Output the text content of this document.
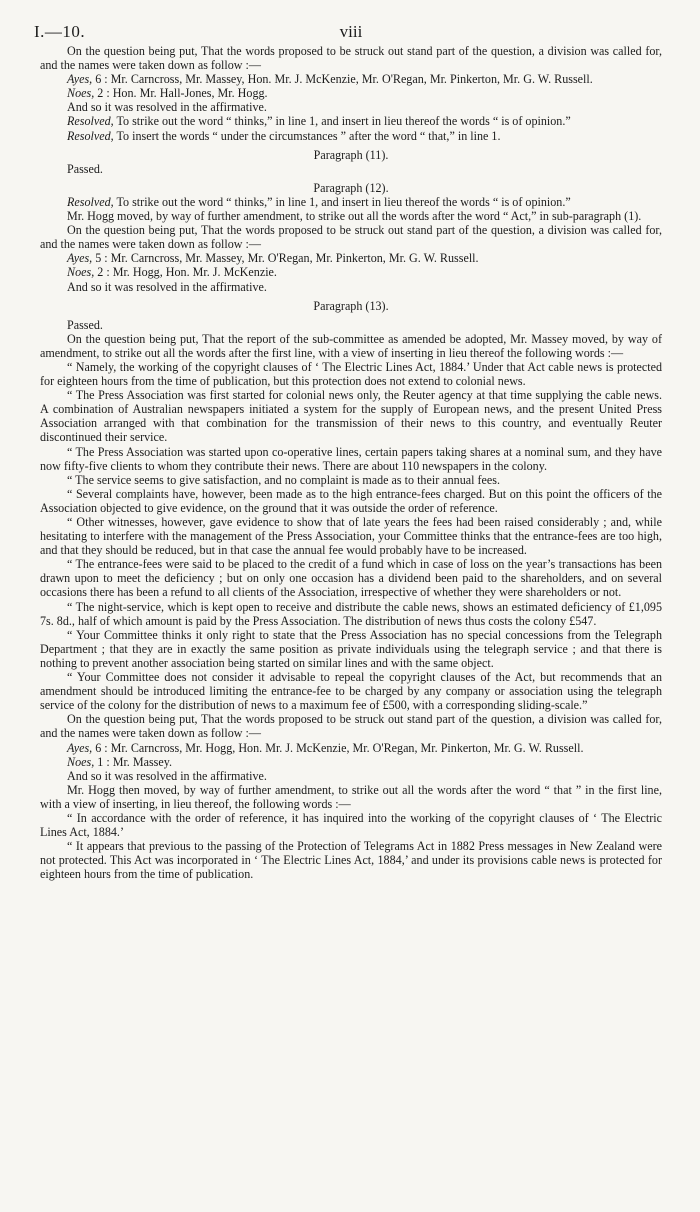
I.—10.	viii

On the question being put, That the words proposed to be struck out stand part of the question, a division was called for, and the names were taken down as follow :—

Ayes, 6 : Mr. Carncross, Mr. Massey, Hon. Mr. J. McKenzie, Mr. O'Regan, Mr. Pinkerton, Mr. G. W. Russell.

Noes, 2 : Hon. Mr. Hall-Jones, Mr. Hogg.

And so it was resolved in the affirmative.

Resolved, To strike out the word “ thinks,” in line 1, and insert in lieu thereof the words “ is of opinion.”

Resolved, To insert the words “ under the circumstances ” after the word “ that,” in line 1.

Paragraph (11).

Passed.

Paragraph (12).

Resolved, To strike out the word “ thinks,” in line 1, and insert in lieu thereof the words “ is of opinion.”

Mr. Hogg moved, by way of further amendment, to strike out all the words after the word “ Act,” in sub-paragraph (1).

On the question being put, That the words proposed to be struck out stand part of the question, a division was called for, and the names were taken down as follow :—

Ayes, 5 : Mr. Carncross, Mr. Massey, Mr. O'Regan, Mr. Pinkerton, Mr. G. W. Russell.

Noes, 2 : Mr. Hogg, Hon. Mr. J. McKenzie.

And so it was resolved in the affirmative.

Paragraph (13).

Passed.

On the question being put, That the report of the sub-committee as amended be adopted, Mr. Massey moved, by way of amendment, to strike out all the words after the first line, with a view of inserting in lieu thereof the following words :—

“ Namely, the working of the copyright clauses of ‘ The Electric Lines Act, 1884.’ Under that Act cable news is protected for eighteen hours from the time of publication, but this protection does not extend to colonial news.

“ The Press Association was first started for colonial news only, the Reuter agency at that time supplying the cable news. A combination of Australian newspapers initiated a system for the supply of European news, and the present United Press Association arranged with that combination for the transmission of their news to this country, and eventually Reuter discontinued their service.

“ The Press Association was started upon co-operative lines, certain papers taking shares at a nominal sum, and they have now fifty-five clients to whom they contribute their news. There are about 110 newspapers in the colony.

“ The service seems to give satisfaction, and no complaint is made as to their annual fees.

“ Several complaints have, however, been made as to the high entrance-fees charged. But on this point the officers of the Association objected to give evidence, on the ground that it was outside the order of reference.

“ Other witnesses, however, gave evidence to show that of late years the fees had been raised considerably ; and, while hesitating to interfere with the management of the Press Association, your Committee thinks that the entrance-fees are too high, and that they should be reduced, but in that case the annual fee would probably have to be increased.

“ The entrance-fees were said to be placed to the credit of a fund which in case of loss on the year’s transactions has been drawn upon to meet the deficiency ; but on only one occasion has a dividend been paid to the shareholders, and on several occasions there has been a refund to all clients of the Association, irrespective of whether they were shareholders or not.

“ The night-service, which is kept open to receive and distribute the cable news, shows an estimated deficiency of £1,095 7s. 8d., half of which amount is paid by the Press Association. The distribution of news thus costs the colony £547.

“ Your Committee thinks it only right to state that the Press Association has no special concessions from the Telegraph Department ; that they are in exactly the same position as private individuals using the telegraph service ; and that there is nothing to prevent another association being started on similar lines and with the same object.

“ Your Committee does not consider it advisable to repeal the copyright clauses of the Act, but recommends that an amendment should be introduced limiting the entrance-fee to be charged by any company or association using the telegraph service of the colony for the distribution of news to a maximum fee of £500, with a corresponding sliding-scale.”

On the question being put, That the words proposed to be struck out stand part of the question, a division was called for, and the names were taken down as follow :—

Ayes, 6 : Mr. Carncross, Mr. Hogg, Hon. Mr. J. McKenzie, Mr. O'Regan, Mr. Pinkerton, Mr. G. W. Russell.

Noes, 1 : Mr. Massey.

And so it was resolved in the affirmative.

Mr. Hogg then moved, by way of further amendment, to strike out all the words after the word “ that ” in the first line, with a view of inserting, in lieu thereof, the following words :—

“ In accordance with the order of reference, it has inquired into the working of the copyright clauses of ‘ The Electric Lines Act, 1884.’

“ It appears that previous to the passing of the Protection of Telegrams Act in 1882 Press messages in New Zealand were not protected. This Act was incorporated in ‘ The Electric Lines Act, 1884,’ and under its provisions cable news is protected for eighteen hours from the time of publication.
